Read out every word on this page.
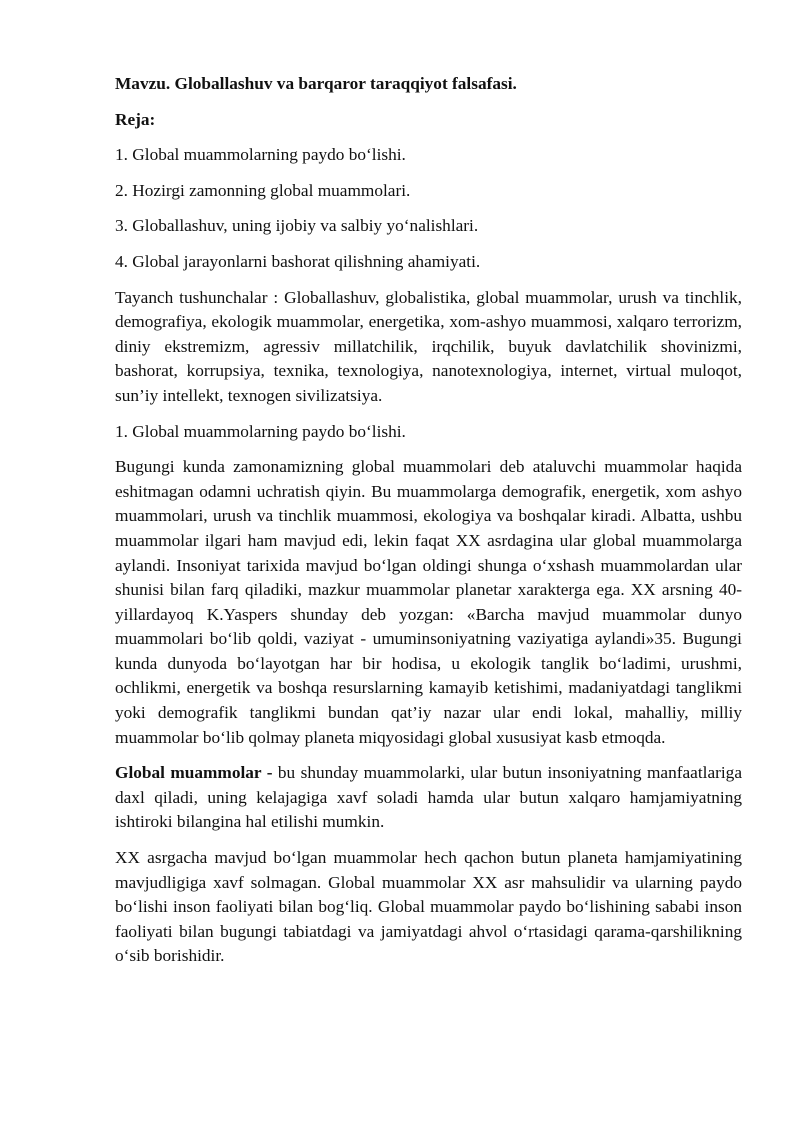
Mavzu. Globallashuv va barqaror taraqqiyot falsafasi.

Reja:

1. Global muammolarning paydo bo‘lishi.

2. Hozirgi zamonning global muammolari.

3. Globallashuv, uning ijobiy va salbiy yo‘nalishlari.

4. Global jarayonlarni bashorat qilishning ahamiyati.

Tayanch tushunchalar : Globallashuv, globalistika, global muammolar, urush va tinchlik, demografiya, ekologik muammolar, energetika, xom-ashyo muammosi, xalqaro terrorizm, diniy ekstremizm, agressiv millatchilik, irqchilik, buyuk davlatchilik shovinizmi, bashorat, korrupsiya, texnika, texnologiya, nanotexnologiya, internet, virtual muloqot, sun’iy intellekt, texnogen sivilizatsiya.

1. Global muammolarning paydo bo‘lishi.

Bugungi kunda zamonamizning global muammolari deb ataluvchi muammolar haqida eshitmagan odamni uchratish qiyin. Bu muammolarga demografik, energetik, xom ashyo muammolari, urush va tinchlik muammosi, ekologiya va boshqalar kiradi. Albatta, ushbu muammolar ilgari ham mavjud edi, lekin faqat XX asrdagina ular global muammolarga aylandi. Insoniyat tarixida mavjud bo‘lgan oldingi shunga o‘xshash muammolardan ular shunisi bilan farq qiladiki, mazkur muammolar planetar xarakterga ega. XX arsning 40-yillardayoq K.Yaspers shunday deb yozgan: «Barcha mavjud muammolar dunyo muammolari bo‘lib qoldi, vaziyat - umuminsoniyatning vaziyatiga aylandi»35. Bugungi kunda dunyoda bo‘layotgan har bir hodisa, u ekologik tanglik bo‘ladimi, urushmi, ochlikmi, energetik va boshqa resurslarning kamayib ketishimi, madaniyatdagi tanglikmi yoki demografik tanglikmi bundan qat’iy nazar ular endi lokal, mahalliy, milliy muammolar bo‘lib qolmay planeta miqyosidagi global xususiyat kasb etmoqda.

Global muammolar - bu shunday muammolarki, ular butun insoniyatning manfaatlariga daxl qiladi, uning kelajagiga xavf soladi hamda ular butun xalqaro hamjamiyatning ishtiroki bilangina hal etilishi mumkin.

XX asrgacha mavjud bo‘lgan muammolar hech qachon butun planeta hamjamiyatining mavjudligiga xavf solmagan. Global muammolar XX asr mahsulidir va ularning paydo bo‘lishi inson faoliyati bilan bog‘liq. Global muammolar paydo bo‘lishining sababi inson faoliyati bilan bugungi tabiatdagi va jamiyatdagi ahvol o‘rtasidagi qarama-qarshilikning o‘sib borishidir.
